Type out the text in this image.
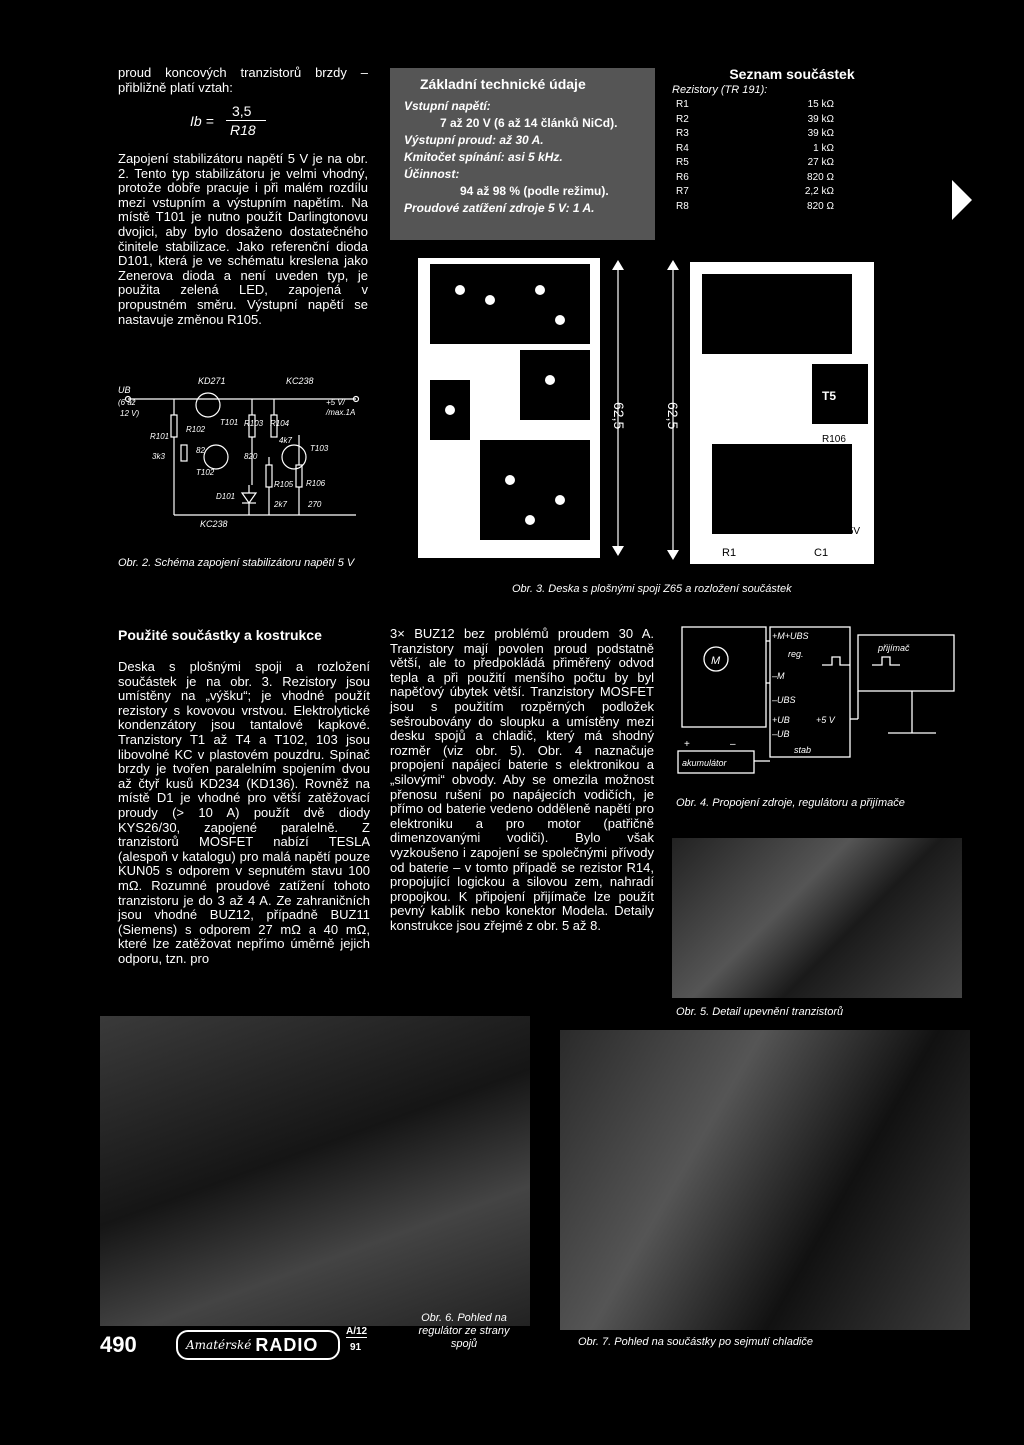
proud koncových tranzistorů brzdy – přibližně platí vztah:
Ib =
3,5
R18
Zapojení stabilizátoru napětí 5 V je na obr. 2. Tento typ stabilizátoru je velmi vhodný, protože dobře pracuje i při malém rozdílu mezi vstupním a výstupním napětím. Na místě T101 je nutno použít Darlingtonovu dvojici, aby bylo dosaženo dostatečného činitele stabilizace. Jako referenční dioda D101, která je ve schématu kreslena jako Zenerova dioda a není uveden typ, je použita zelená LED, zapojená v propustném směru. Výstupní napětí se nastavuje změnou R105.
UB
(6 až
12 V)
KD271	KC238
+5 V/
/max.1A
R101
3k3
R102
82
T101 R103
820
R104
4k7
T102
T103
D101
R105
2k7
R106
270
KC238
Obr. 2. Schéma zapojení stabilizátoru napětí 5 V
Základní technické údaje
Vstupní napětí:
7 až 20 V (6 až 14 článků NiCd).
Výstupní proud: až 30 A.
Kmitočet spínání: asi 5 kHz.
Účinnost:
94 až 98 % (podle režimu).
Proudové zatížení zdroje 5 V: 1 A.
Seznam součástek
Rezistory (TR 191):
R1	15 kΩ
R2	39 kΩ
R3	39 kΩ
R4	1 kΩ
R5	27 kΩ
R6	820 Ω
R7	2,2 kΩ
R8	820 Ω
62,5	62,5
T5
R106
+5V
R1	C1
Obr. 3. Deska s plošnými spoji Z65 a rozložení součástek
Použité součástky a kostrukce
Deska s plošnými spoji a rozložení součástek je na obr. 3. Rezistory jsou umístěny na „výšku“; je vhodné použít rezistory s kovovou vrstvou. Elektrolytické kondenzátory jsou tantalové kapkové. Tranzistory T1 až T4 a T102, 103 jsou libovolné KC v plastovém pouzdru. Spínač brzdy je tvořen paralelním spojením dvou až čtyř kusů KD234 (KD136). Rovněž na místě D1 je vhodné pro větší zatěžovací proudy (> 10 A) použít dvě diody KYS26/30, zapojené paralelně. Z tranzistorů MOSFET nabízí TESLA (alespoň v katalogu) pro malá napětí pouze KUN05 s odporem v sepnutém stavu 100 mΩ. Rozumné proudové zatížení tohoto tranzistoru je do 3 až 4 A. Ze zahraničních jsou vhodné BUZ12, případně BUZ11 (Siemens) s odporem 27 mΩ a 40 mΩ, které lze zatěžovat nepřímo úměrně jejich odporu, tzn. pro
3× BUZ12 bez problémů proudem 30 A. Tranzistory mají povolen proud podstatně větší, ale to předpokládá přiměřený odvod tepla a při použití menšího počtu by byl napěťový úbytek větší. Tranzistory MOSFET jsou s použitím rozpěrných podložek sešroubovány do sloupku a umístěny mezi desku spojů a chladič, který má shodný rozměr (viz obr. 5). Obr. 4 naznačuje propojení napájecí baterie s elektronikou a „silovými“ obvody. Aby se omezila možnost přenosu rušení po napájecích vodičích, je přímo od baterie vedeno odděleně napětí pro elektroniku a pro motor (patřičně dimenzovanými vodiči). Bylo však vyzkoušeno i zapojení se společnými přívody od baterie – v tomto případě se rezistor R14, propojující logickou a silovou zem, nahradí propojkou. K připojení přijímače lze použít pevný kablík nebo konektor Modela. Detaily konstrukce jsou zřejmé z obr. 5 až 8.
M
+M+UBS
reg.
–M
–UBS
+UB	+5 V
–UB
stab
přijímač
akumulátor
+	–
Obr. 4. Propojení zdroje, regulátoru a přijímače
Obr. 5. Detail upevnění tranzistorů
490	Amatérské RADIO
A/12
91
Obr. 6. Pohled na regulátor ze strany spojů	Obr. 7. Pohled na součástky po sejmutí chladiče
